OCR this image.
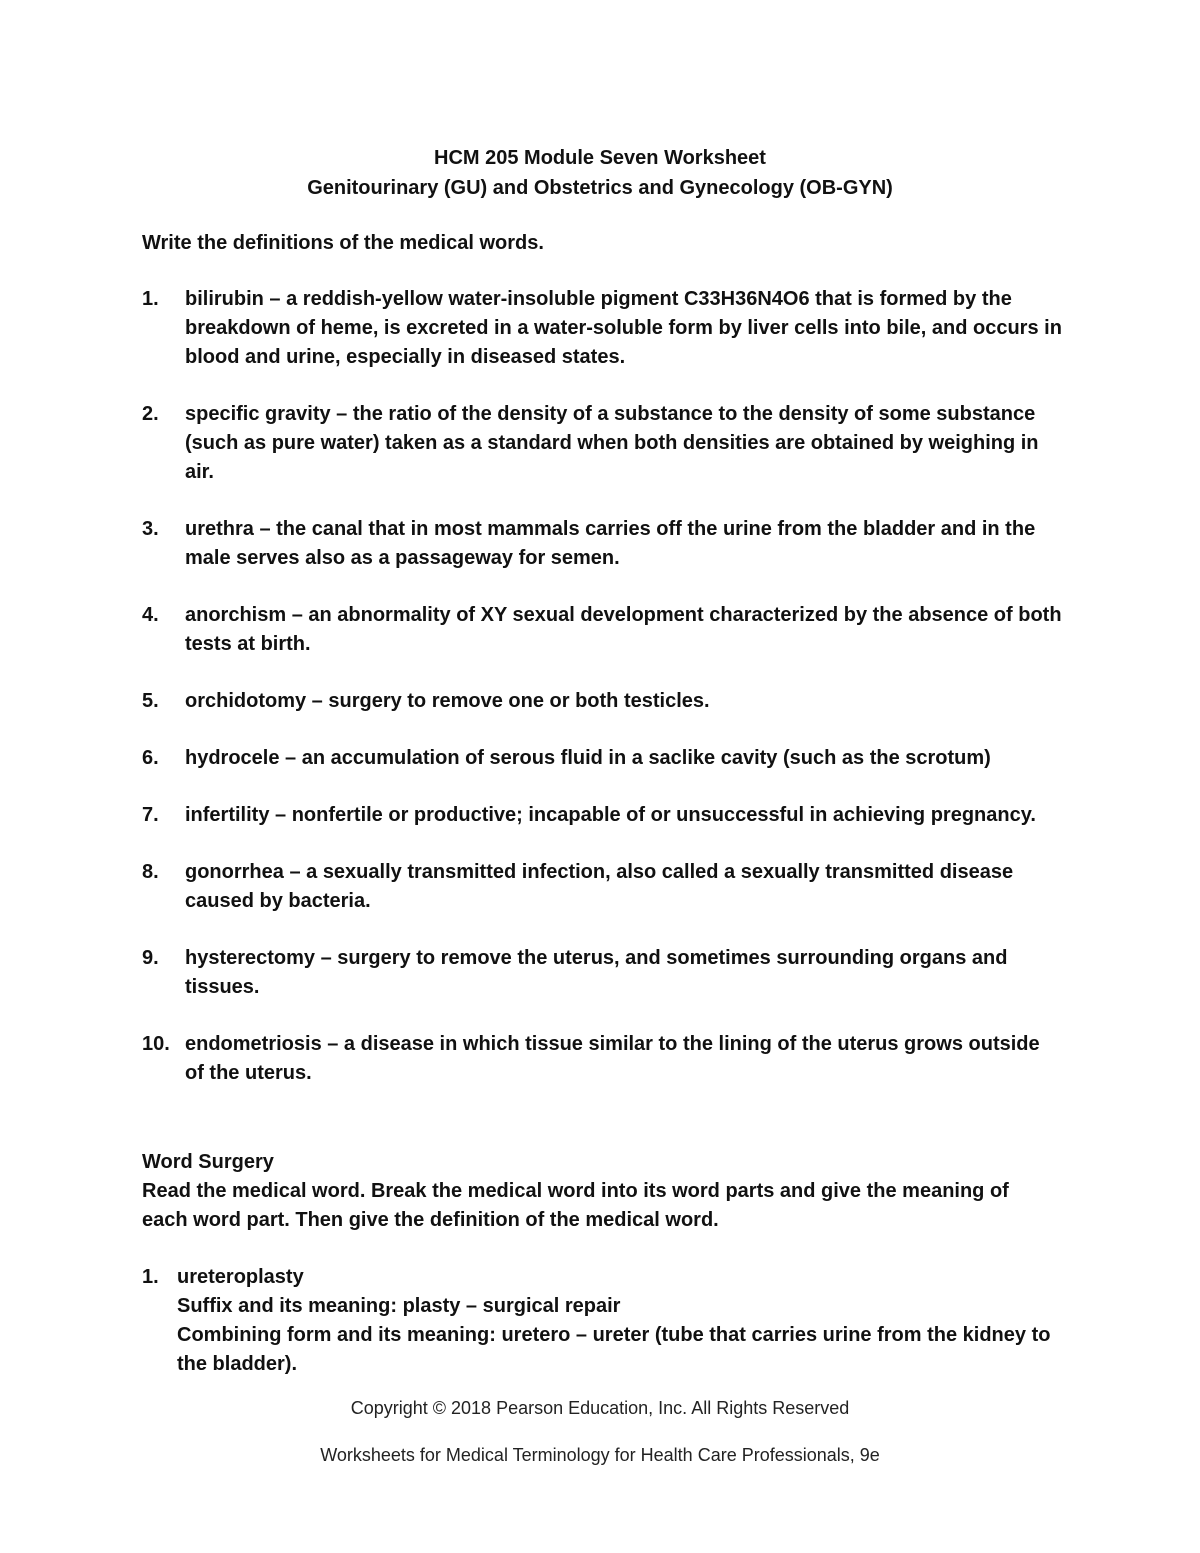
HCM 205 Module Seven Worksheet
Genitourinary (GU) and Obstetrics and Gynecology (OB-GYN)
Write the definitions of the medical words.
1.	bilirubin – a reddish-yellow water-insoluble pigment C33H36N4O6 that is formed by the breakdown of heme, is excreted in a water-soluble form by liver cells into bile, and occurs in blood and urine, especially in diseased states.
2.	specific gravity – the ratio of the density of a substance to the density of some substance (such as pure water) taken as a standard when both densities are obtained by weighing in air.
3.	urethra – the canal that in most mammals carries off the urine from the bladder and in the male serves also as a passageway for semen.
4.	anorchism – an abnormality of XY sexual development characterized by the absence of both tests at birth.
5.	orchidotomy – surgery to remove one or both testicles.
6.	hydrocele – an accumulation of serous fluid in a saclike cavity (such as the scrotum)
7.	infertility – nonfertile or productive; incapable of or unsuccessful in achieving pregnancy.
8.	gonorrhea – a sexually transmitted infection, also called a sexually transmitted disease caused by bacteria.
9.	hysterectomy – surgery to remove the uterus, and sometimes surrounding organs and tissues.
10. endometriosis – a disease in which tissue similar to the lining of the uterus grows outside of the uterus.
Word Surgery
Read the medical word. Break the medical word into its word parts and give the meaning of each word part. Then give the definition of the medical word.
1. ureteroplasty
Suffix and its meaning: plasty – surgical repair
Combining form and its meaning: uretero – ureter (tube that carries urine from the kidney to the bladder).
Copyright © 2018 Pearson Education, Inc. All Rights Reserved
Worksheets for Medical Terminology for Health Care Professionals, 9e
